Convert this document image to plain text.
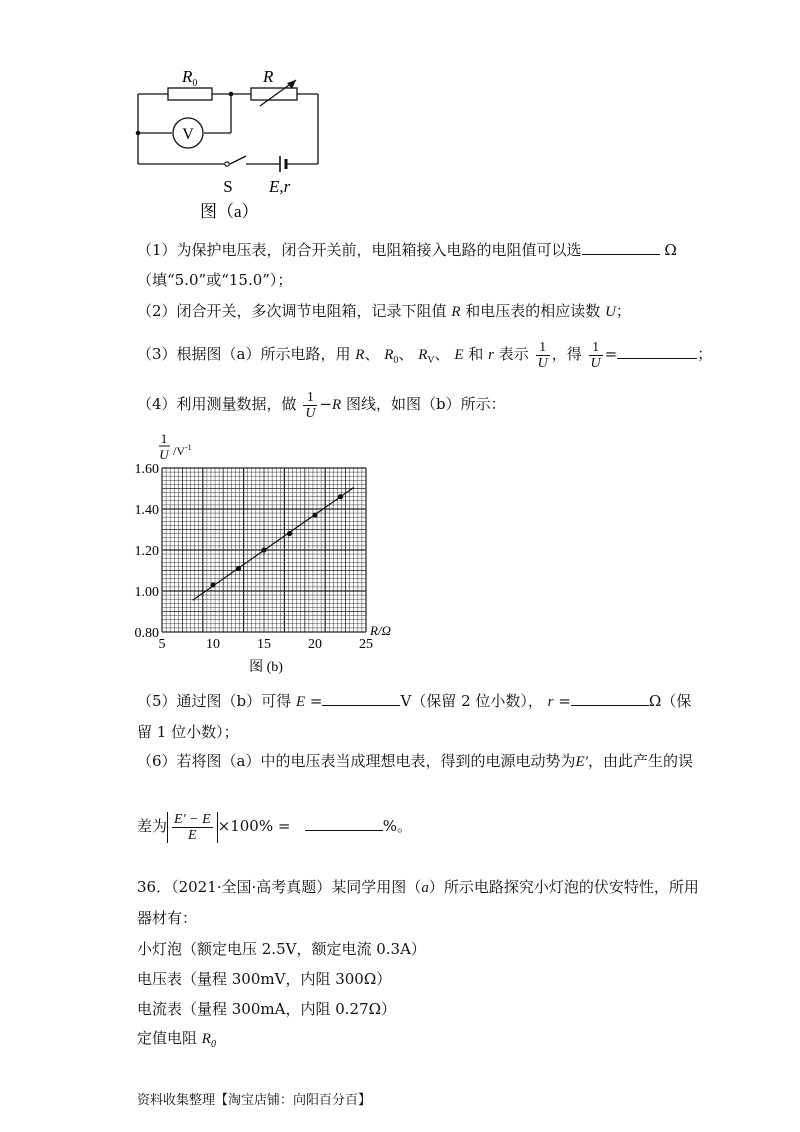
$R_0$	R
V
S E,r
图（a）
（1）为保护电压表，闭合开关前，电阻箱接入电路的电阻值可以选	Ω
（填“5.0”或“15.0”）；
（2）闭合开关，多次调节电阻箱，记录下阻值 R 和电压表的相应读数 U；
（3）根据图（a）所示电路，用 R、 $R_0$、 $R_V$、 E 和 r 表示 $\frac{1}{U}$ ，得 $\frac{1}{U}$ =	；
（4）利用测量数据，做 $\frac{1}{U} -R$ 图线，如图（b）所示：
5	10	15	20	25
0.80
1.00
1.20
1.40
1.60
1
U $/V^{-1}$
R/Ω
图 (b)
（5）通过图（b）可得 E =	V（保留 2 位小数）， r =	Ω（保
留 1 位小数）；
（6）若将图（a）中的电压表当成理想电表，得到的电源电动势为E′，由此产生的误
差为 $\frac{E' - E}{E} \times 100\%$ =	%。
36．（2021·全国·高考真题）某同学用图（a）所示电路探究小灯泡的伏安特性，所用
器材有：
小灯泡（额定电压 2.5V，额定电流 0.3A）
电压表（量程 300mV，内阻 300Ω）
电流表（量程 300mA，内阻 0.27Ω）
定值电阻 $R_0$
资料收集整理【淘宝店铺：向阳百分百】
